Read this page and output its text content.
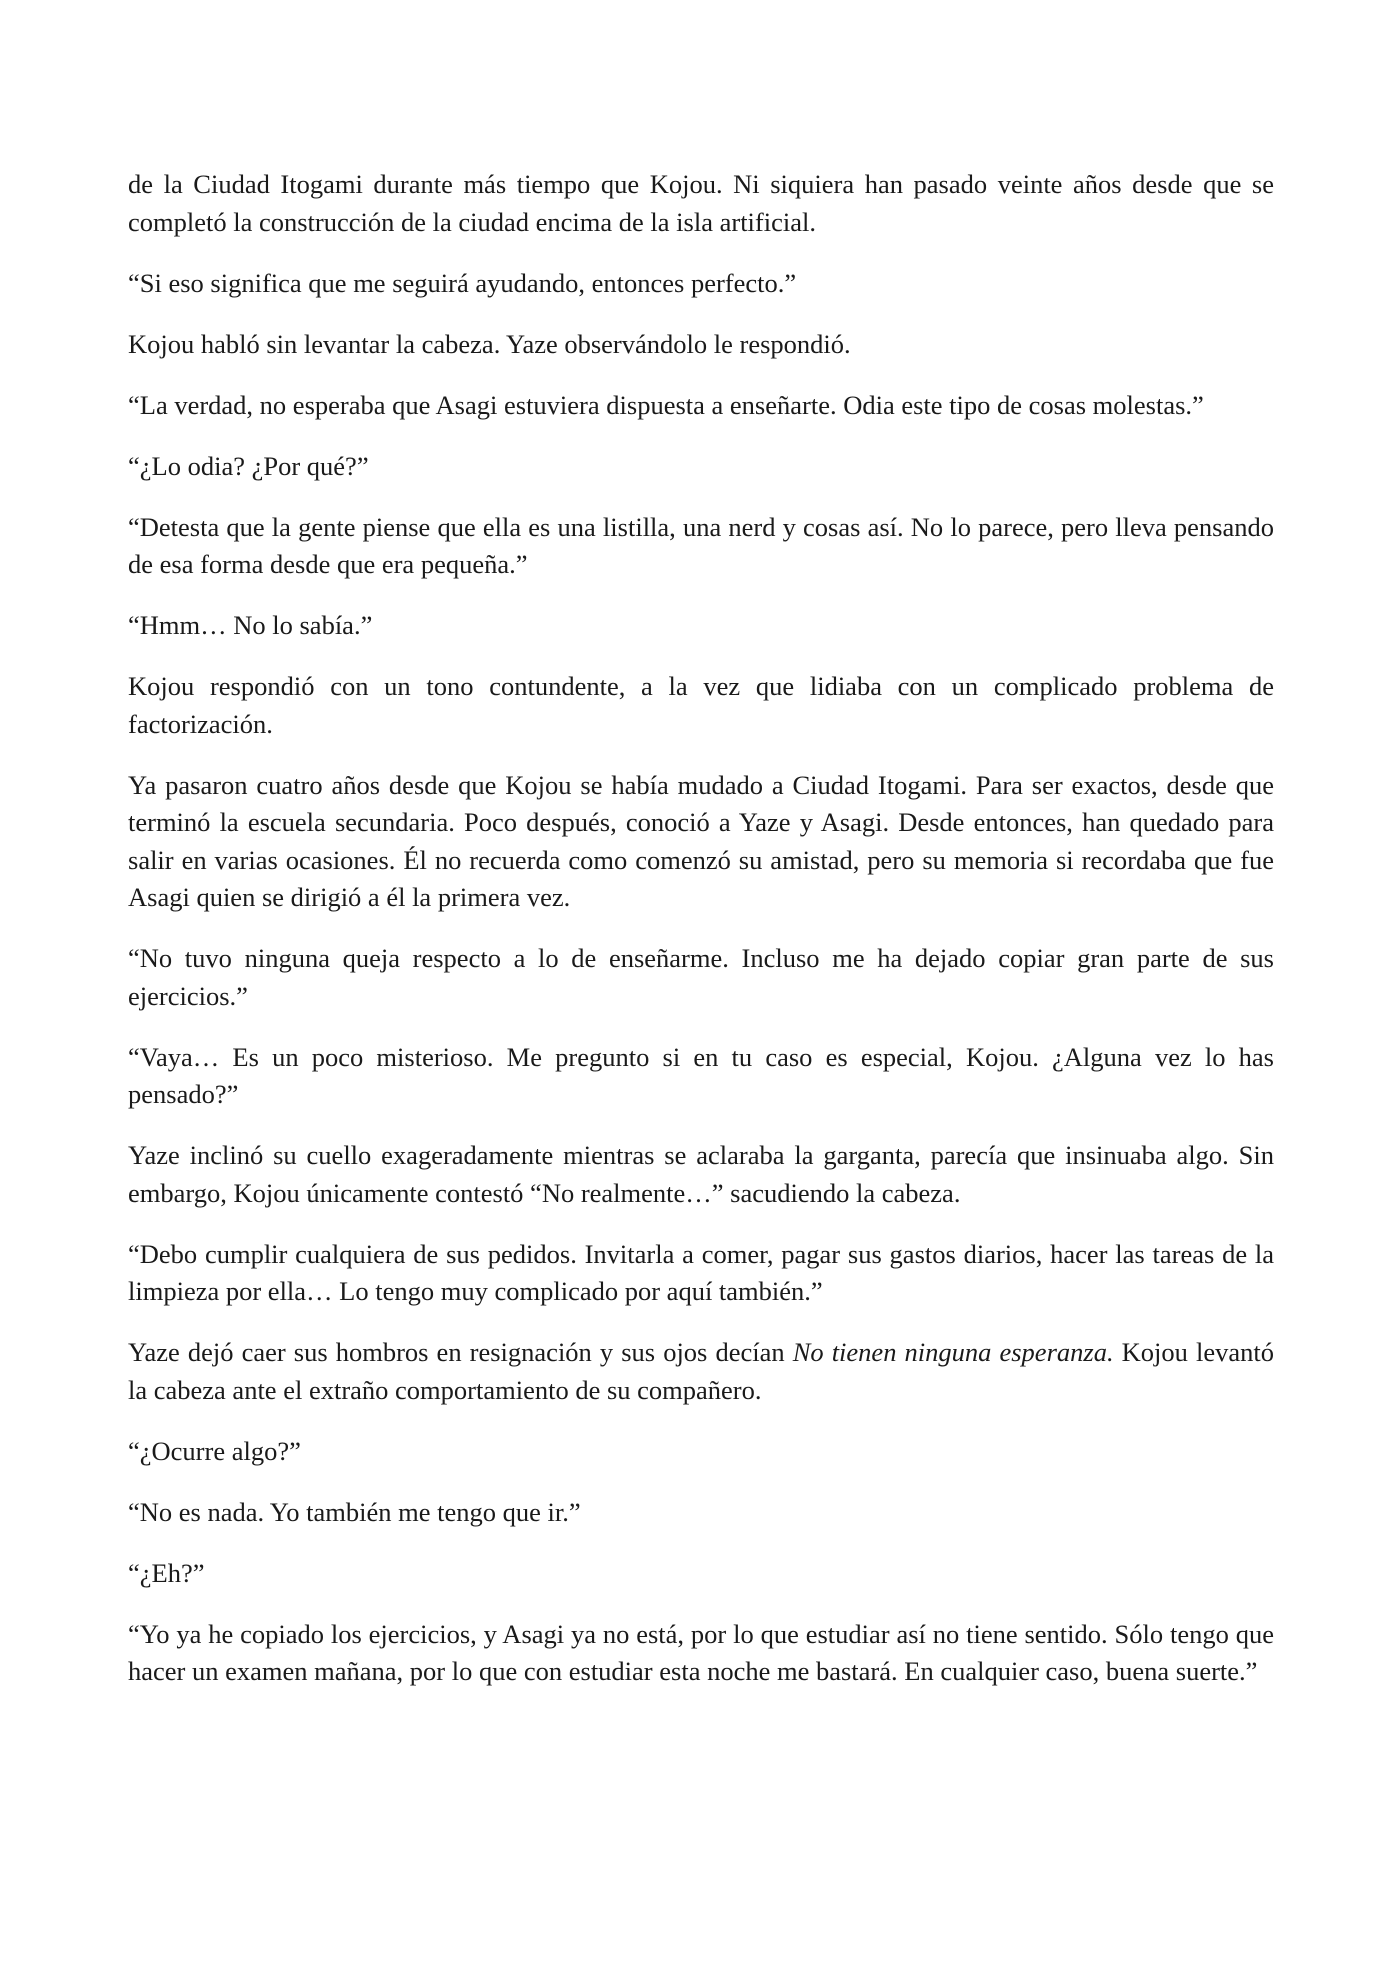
de la Ciudad Itogami durante más tiempo que Kojou. Ni siquiera han pasado veinte años desde que se completó la construcción de la ciudad encima de la isla artificial.

“Si eso significa que me seguirá ayudando, entonces perfecto.”

Kojou habló sin levantar la cabeza. Yaze observándolo le respondió.

“La verdad, no esperaba que Asagi estuviera dispuesta a enseñarte. Odia este tipo de cosas molestas.”

“¿Lo odia? ¿Por qué?”

“Detesta que la gente piense que ella es una listilla, una nerd y cosas así. No lo parece, pero lleva pensando de esa forma desde que era pequeña.”

“Hmm… No lo sabía.”

Kojou respondió con un tono contundente, a la vez que lidiaba con un complicado problema de factorización.

Ya pasaron cuatro años desde que Kojou se había mudado a Ciudad Itogami. Para ser exactos, desde que terminó la escuela secundaria. Poco después, conoció a Yaze y Asagi. Desde entonces, han quedado para salir en varias ocasiones. Él no recuerda como comenzó su amistad, pero su memoria si recordaba que fue Asagi quien se dirigió a él la primera vez.

“No tuvo ninguna queja respecto a lo de enseñarme. Incluso me ha dejado copiar gran parte de sus ejercicios.”

“Vaya… Es un poco misterioso. Me pregunto si en tu caso es especial, Kojou. ¿Alguna vez lo has pensado?”

Yaze inclinó su cuello exageradamente mientras se aclaraba la garganta, parecía que insinuaba algo. Sin embargo, Kojou únicamente contestó “No realmente…” sacudiendo la cabeza.

“Debo cumplir cualquiera de sus pedidos. Invitarla a comer, pagar sus gastos diarios, hacer las tareas de la limpieza por ella… Lo tengo muy complicado por aquí también.”

Yaze dejó caer sus hombros en resignación y sus ojos decían No tienen ninguna esperanza. Kojou levantó la cabeza ante el extraño comportamiento de su compañero.

“¿Ocurre algo?”

“No es nada. Yo también me tengo que ir.”

“¿Eh?”

“Yo ya he copiado los ejercicios, y Asagi ya no está, por lo que estudiar así no tiene sentido. Sólo tengo que hacer un examen mañana, por lo que con estudiar esta noche me bastará. En cualquier caso, buena suerte.”
